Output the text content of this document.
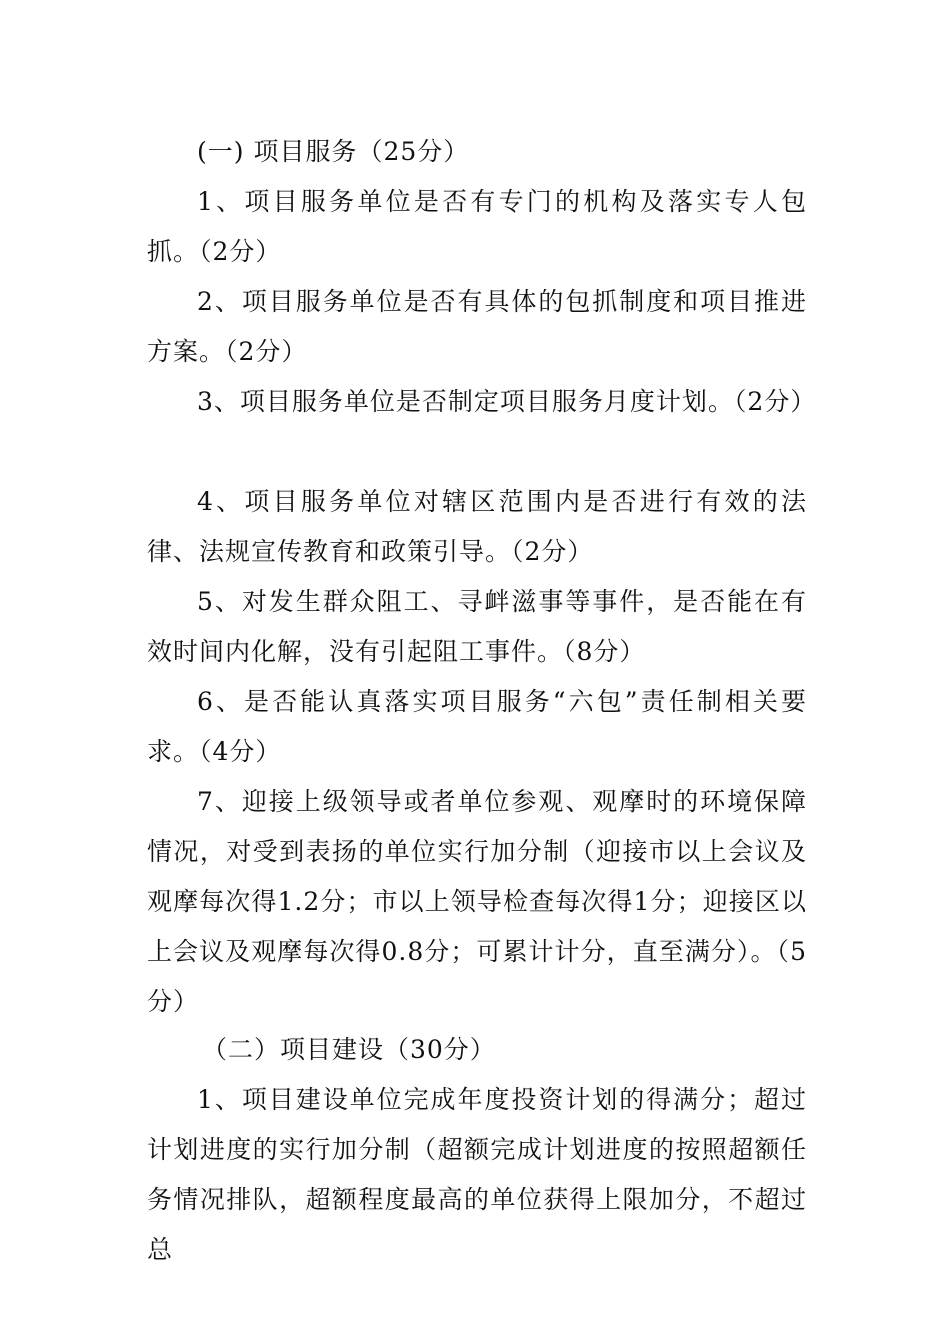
(一) 项目服务（25分）

1、项目服务单位是否有专门的机构及落实专人包抓。（2分）

2、项目服务单位是否有具体的包抓制度和项目推进方案。（2分）

3、项目服务单位是否制定项目服务月度计划。（2分）

4、项目服务单位对辖区范围内是否进行有效的法律、法规宣传教育和政策引导。（2分）

5、对发生群众阻工、寻衅滋事等事件，是否能在有效时间内化解，没有引起阻工事件。（8分）

6、是否能认真落实项目服务“六包”责任制相关要求。（4分）

7、迎接上级领导或者单位参观、观摩时的环境保障情况，对受到表扬的单位实行加分制（迎接市以上会议及观摩每次得1.2分；市以上领导检查每次得1分；迎接区以上会议及观摩每次得0.8分；可累计计分，直至满分）。（5分）

（二）项目建设（30分）

1、项目建设单位完成年度投资计划的得满分；超过计划进度的实行加分制（超额完成计划进度的按照超额任务情况排队，超额程度最高的单位获得上限加分，不超过总
